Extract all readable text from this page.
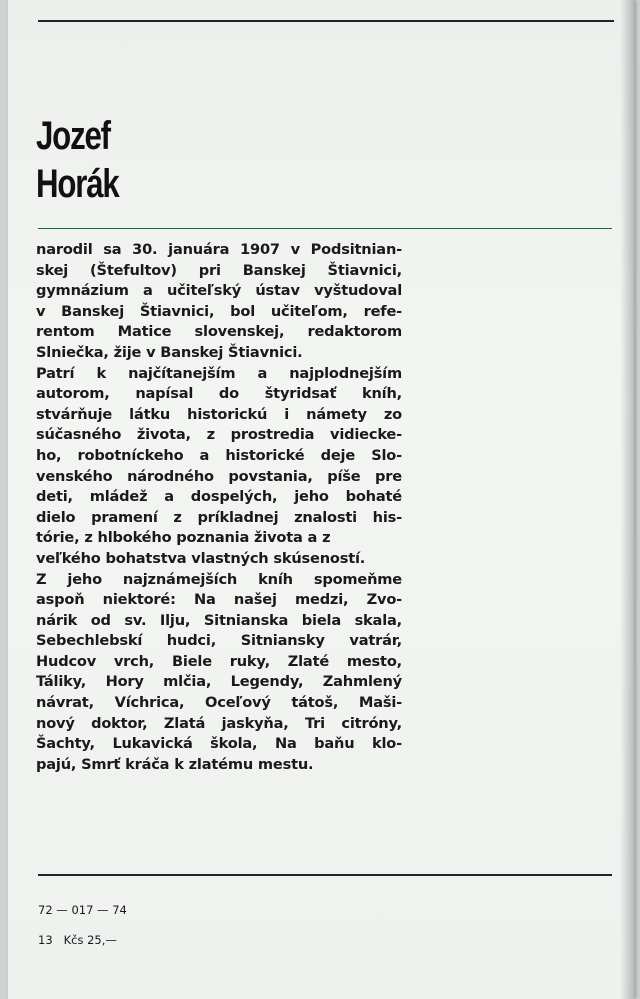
Jozef
Horák
narodil sa 30. januára 1907 v Podsitnian-
skej (Štefultov) pri Banskej Štiavnici,
gymnázium a učiteľský ústav vyštudoval
v Banskej Štiavnici, bol učiteľom, refe-
rentom Matice slovenskej, redaktorom
Slniečka, žije v Banskej Štiavnici.
Patrí k najčítanejším a najplodnejším
autorom, napísal do štyridsať kníh,
stvárňuje látku historickú i námety zo
súčasného života, z prostredia vidiecke-
ho, robotníckeho a historické deje Slo-
venského národného povstania, píše pre
deti, mládež a dospelých, jeho bohaté
dielo pramení z príkladnej znalosti his-
tórie, z hlbokého poznania života a z
veľkého bohatstva vlastných skúseností.
Z jeho najznámejších kníh spomeňme
aspoň niektoré: Na našej medzi, Zvo-
nárik od sv. Ilju, Sitnianska biela skala,
Sebechlebskí hudci, Sitniansky vatrár,
Hudcov vrch, Biele ruky, Zlaté mesto,
Táliky, Hory mlčia, Legendy, Zahmlený
návrat, Víchrica, Oceľový tátoš, Maši-
nový doktor, Zlatá jaskyňa, Tri citróny,
Šachty, Lukavická škola, Na baňu klo-
pajú, Smrť kráča k zlatému mestu.

72 — 017 — 74

13   Kčs 25,—
